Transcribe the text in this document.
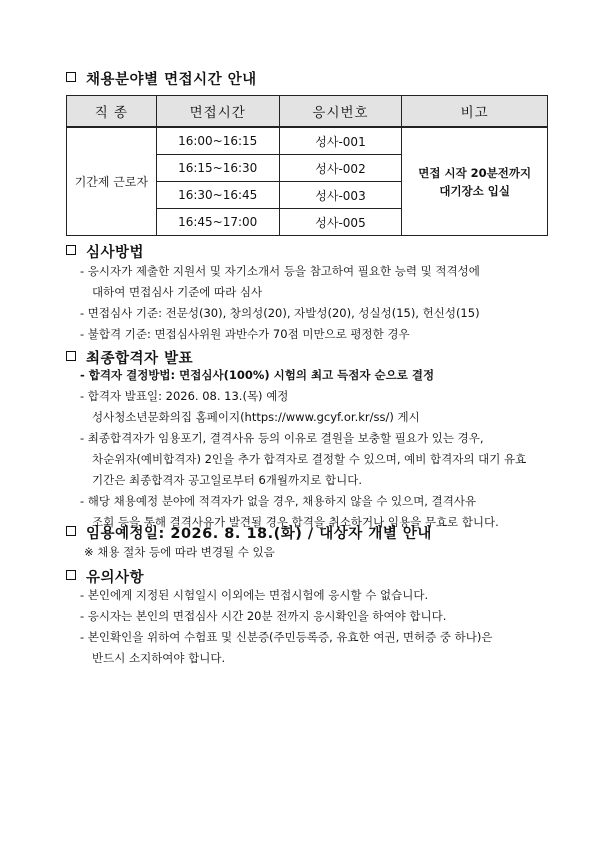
채용분야별 면접시간 안내
직 종	면접시간	응시번호	비고
기간제 근로자	16:00~16:15	성사-001	면접 시작 20분전까지
대기장소 입실

	16:15~16:30	성사-002	
	16:30~16:45	성사-003	
	16:45~17:00	성사-005	
심사방법
- 응시자가 제출한 지원서 및 자기소개서 등을 참고하여 필요한 능력 및 적격성에
대하여 면접심사 기준에 따라 심사
- 면접심사 기준: 전문성(30), 창의성(20), 자발성(20), 성실성(15), 헌신성(15)
- 불합격 기준: 면접심사위원 과반수가 70점 미만으로 평정한 경우
최종합격자 발표
- 합격자 결정방법: 면접심사(100%) 시험의 최고 득점자 순으로 결정
- 합격자 발표일: 2026. 08. 13.(목) 예정
성사청소년문화의집 홈페이지(https://www.gcyf.or.kr/ss/) 게시
- 최종합격자가 임용포기, 결격사유 등의 이유로 결원을 보충할 필요가 있는 경우,
차순위자(예비합격자) 2인을 추가 합격자로 결정할 수 있으며, 예비 합격자의 대기 유효
기간은 최종합격자 공고일로부터 6개월까지로 합니다.
- 해당 채용예정 분야에 적격자가 없을 경우, 채용하지 않을 수 있으며, 결격사유
조회 등을 통해 결격사유가 발견될 경우 합격을 취소하거나 임용을 무효로 합니다.
임용예정일: 2026. 8. 18.(화) / 대상자 개별 안내
※ 채용 절차 등에 따라 변경될 수 있음
유의사항
- 본인에게 지정된 시험일시 이외에는 면접시험에 응시할 수 없습니다.
- 응시자는 본인의 면접심사 시간 20분 전까지 응시확인을 하여야 합니다.
- 본인확인을 위하여 수험표 및 신분증(주민등록증, 유효한 여권, 면허증 중 하나)은
반드시 소지하여야 합니다.
